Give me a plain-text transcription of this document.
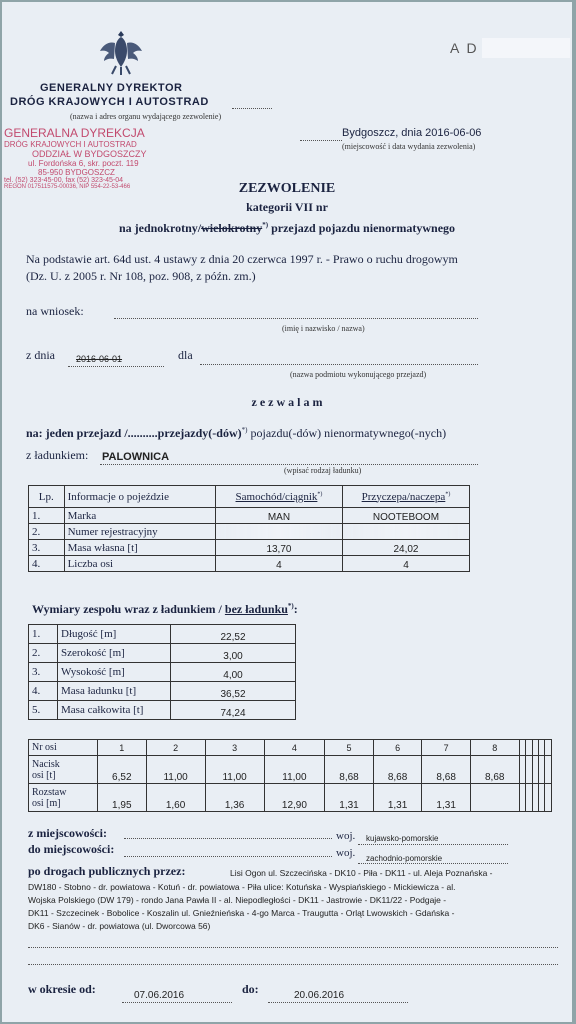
A D
GENERALNY DYREKTOR
DRÓG KRAJOWYCH I AUTOSTRAD
(nazwa i adres organu wydającego zezwolenie)
GENERALNA DYREKCJA
DRÓG KRAJOWYCH I AUTOSTRAD
ODDZIAŁ W BYDGOSZCZY
ul. Fordońska 6, skr. poczt. 119
85-950 BYDGOSZCZ
tel. (52) 323-45-00, fax (52) 323-45-04
REGON 017511575-00036, NIP 554-22-53-466
Bydgoszcz, dnia 2016-06-06
(miejscowość i data wydania zezwolenia)
ZEZWOLENIE
kategorii VII nr
na jednokrotny/wielokrotny*) przejazd pojazdu nienormatywnego
Na podstawie art. 64d ust. 4 ustawy z dnia 20 czerwca 1997 r. - Prawo o ruchu drogowym
(Dz. U. z 2005 r. Nr 108, poz. 908, z późn. zm.)
na wniosek:
(imię i nazwisko / nazwa)
z dnia 2016-06-01	dla
(nazwa podmiotu wykonującego przejazd)
z e z w a l a m
na: jeden przejazd /..........przejazdy(-dów)*) pojazdu(-dów) nienormatywnego(-nych)
z ładunkiem: PALOWNICA
(wpisać rodzaj ładunku)
Lp.	Informacje o pojeździe	Samochód/ciągnik*)	Przyczepa/naczepa*)
1.	Marka	MAN	NOOTEBOOM
2.	Numer rejestracyjny		
3.	Masa własna [t]	13,70	24,02
4.	Liczba osi	4	4
Wymiary zespołu wraz z ładunkiem / bez ładunku*):
1.	Długość [m]	22,52
2.	Szerokość [m]	3,00
3.	Wysokość [m]	4,00
4.	Masa ładunku [t]	36,52
5.	Masa całkowita [t]	74,24
Nr osi	1	2	3	4	5	6	7	8					

Nacisk
osi [t]	6,52	11,00	11,00	11,00	8,68	8,68	8,68	8,68					

Rozstaw
osi [m]	1,95	1,60	1,36	12,90	1,31	1,31	1,31						
z miejscowości:	woj. kujawsko-pomorskie
do miejscowości:	woj. zachodnio-pomorskie
po drogach publicznych przez:	Lisi Ogon ul. Szczecińska - DK10 - Piła - DK11 - ul. Aleja Poznańska -
DW180 - Stobno - dr. powiatowa - Kotuń - dr. powiatowa - Piła ulice: Kotuńska - Wyspiańskiego - Mickiewicza - al.
Wojska Polskiego (DW 179) - rondo Jana Pawła II - al. Niepodległości - DK11 - Jastrowie - DK11/22 - Podgaje -
DK11 - Szczecinek - Bobolice - Koszalin ul. Gnieźnieńska - 4-go Marca - Traugutta - Orląt Lwowskich - Gdańska -
DK6 - Sianów - dr. powiatowa (ul. Dworcowa 56)
w okresie od:	07.06.2016	do:	20.06.2016
